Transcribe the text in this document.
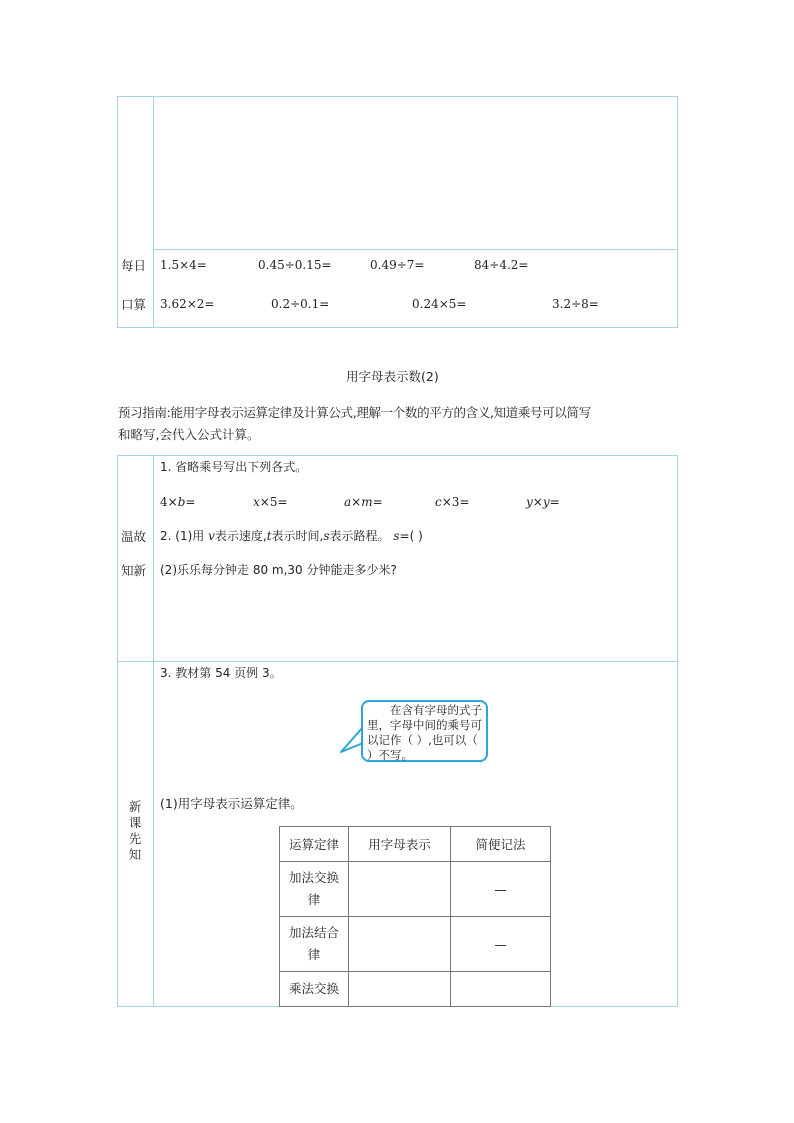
每日
口算
1.5×4=	0.45÷0.15=	0.49÷7=	84÷4.2=
3.62×2=	0.2÷0.1=	0.24×5=	3.2÷8=
用字母表示数(2)
预习指南:能用字母表示运算定律及计算公式,理解一个数的平方的含义,知道乘号可以简写
和略写,会代入公式计算。
温故
知新
1. 省略乘号写出下列各式。
4×b=	x×5=	a×m=	c×3=	y×y=
2. (1)用 v表示速度,t表示时间,s表示路程。 s=( )
(2)乐乐每分钟走 80 m,30 分钟能走多少米?
新课先知
3. 教材第 54 页例 3。
在含有字母的式子里，字母中间的乘号可以记作（ ）,也可以（ ）不写。
(1)用字母表示运算定律。
运算定律	用字母表示	简便记法

加法交换律		—

加法结合律		—

乘法交换		
